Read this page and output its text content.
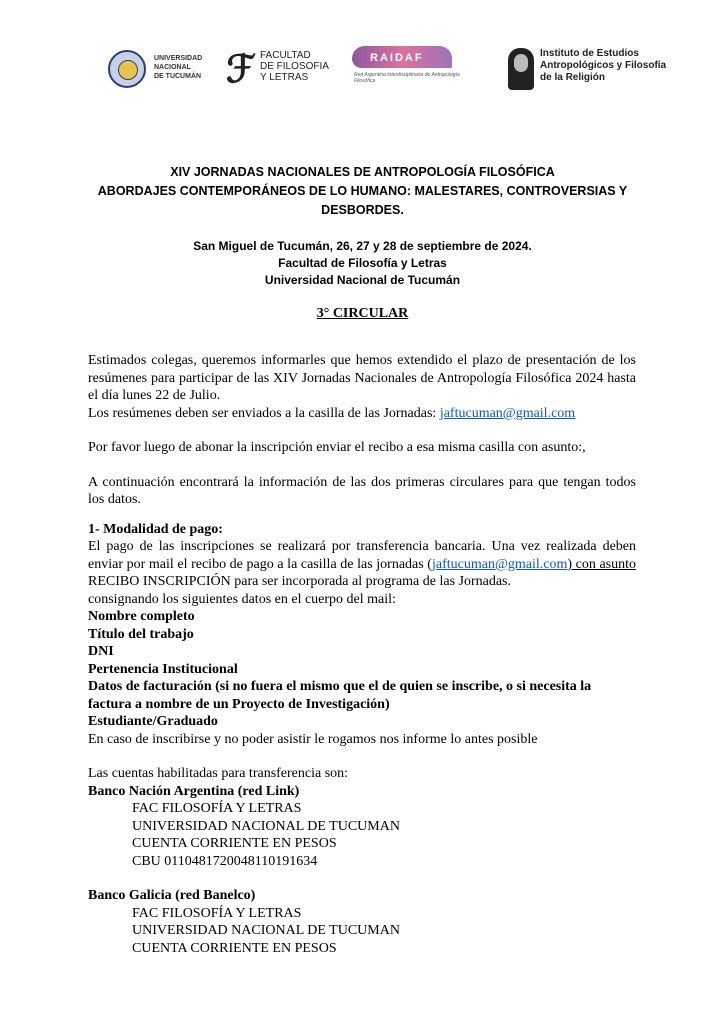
UNIVERSIDAD
NACIONAL
DE TUCUMÁN ℱ FACULTAD
DE FILOSOFIA
Y LETRAS
RAIDAF
Red Argentina Interdisciplinaria de Antropología Filosófica
Instituto de Estudios
Antropológicos y Filosofía
de la Religión
XIV JORNADAS NACIONALES DE ANTROPOLOGÍA FILOSÓFICA
ABORDAJES CONTEMPORÁNEOS DE LO HUMANO: MALESTARES, CONTROVERSIAS Y DESBORDES.
San Miguel de Tucumán, 26, 27 y 28 de septiembre de 2024.
Facultad de Filosofía y Letras
Universidad Nacional de Tucumán
3° CIRCULAR

Estimados colegas, queremos informarles que hemos extendido el plazo de presentación de los resúmenes para participar de las XIV Jornadas Nacionales de Antropología Filosófica 2024 hasta el día lunes 22 de Julio.

Los resúmenes deben ser enviados a la casilla de las Jornadas: jaftucuman@gmail.com

Por favor luego de abonar la inscripción enviar el recibo a esa misma casilla con asunto:,

A continuación encontrará la información de las dos primeras circulares para que tengan todos los datos.

1- Modalidad de pago:

El pago de las inscripciones se realizará por transferencia bancaria. Una vez realizada deben enviar por mail el recibo de pago a la casilla de las jornadas (jaftucuman@gmail.com) con asunto RECIBO INSCRIPCIÓN para ser incorporada al programa de las Jornadas.

consignando los siguientes datos en el cuerpo del mail:

Nombre completo

Título del trabajo

DNI

Pertenencia Institucional

Datos de facturación (si no fuera el mismo que el de quien se inscribe, o si necesita la factura a nombre de un Proyecto de Investigación)

Estudiante/Graduado

En caso de inscribirse y no poder asistir le rogamos nos informe lo antes posible

Las cuentas habilitadas para transferencia son:

Banco Nación Argentina (red Link)

FAC FILOSOFÍA Y LETRAS

UNIVERSIDAD NACIONAL DE TUCUMAN

CUENTA CORRIENTE EN PESOS

CBU 0110481720048110191634

Banco Galicia (red Banelco)

FAC FILOSOFÍA Y LETRAS

UNIVERSIDAD NACIONAL DE TUCUMAN

CUENTA CORRIENTE EN PESOS
